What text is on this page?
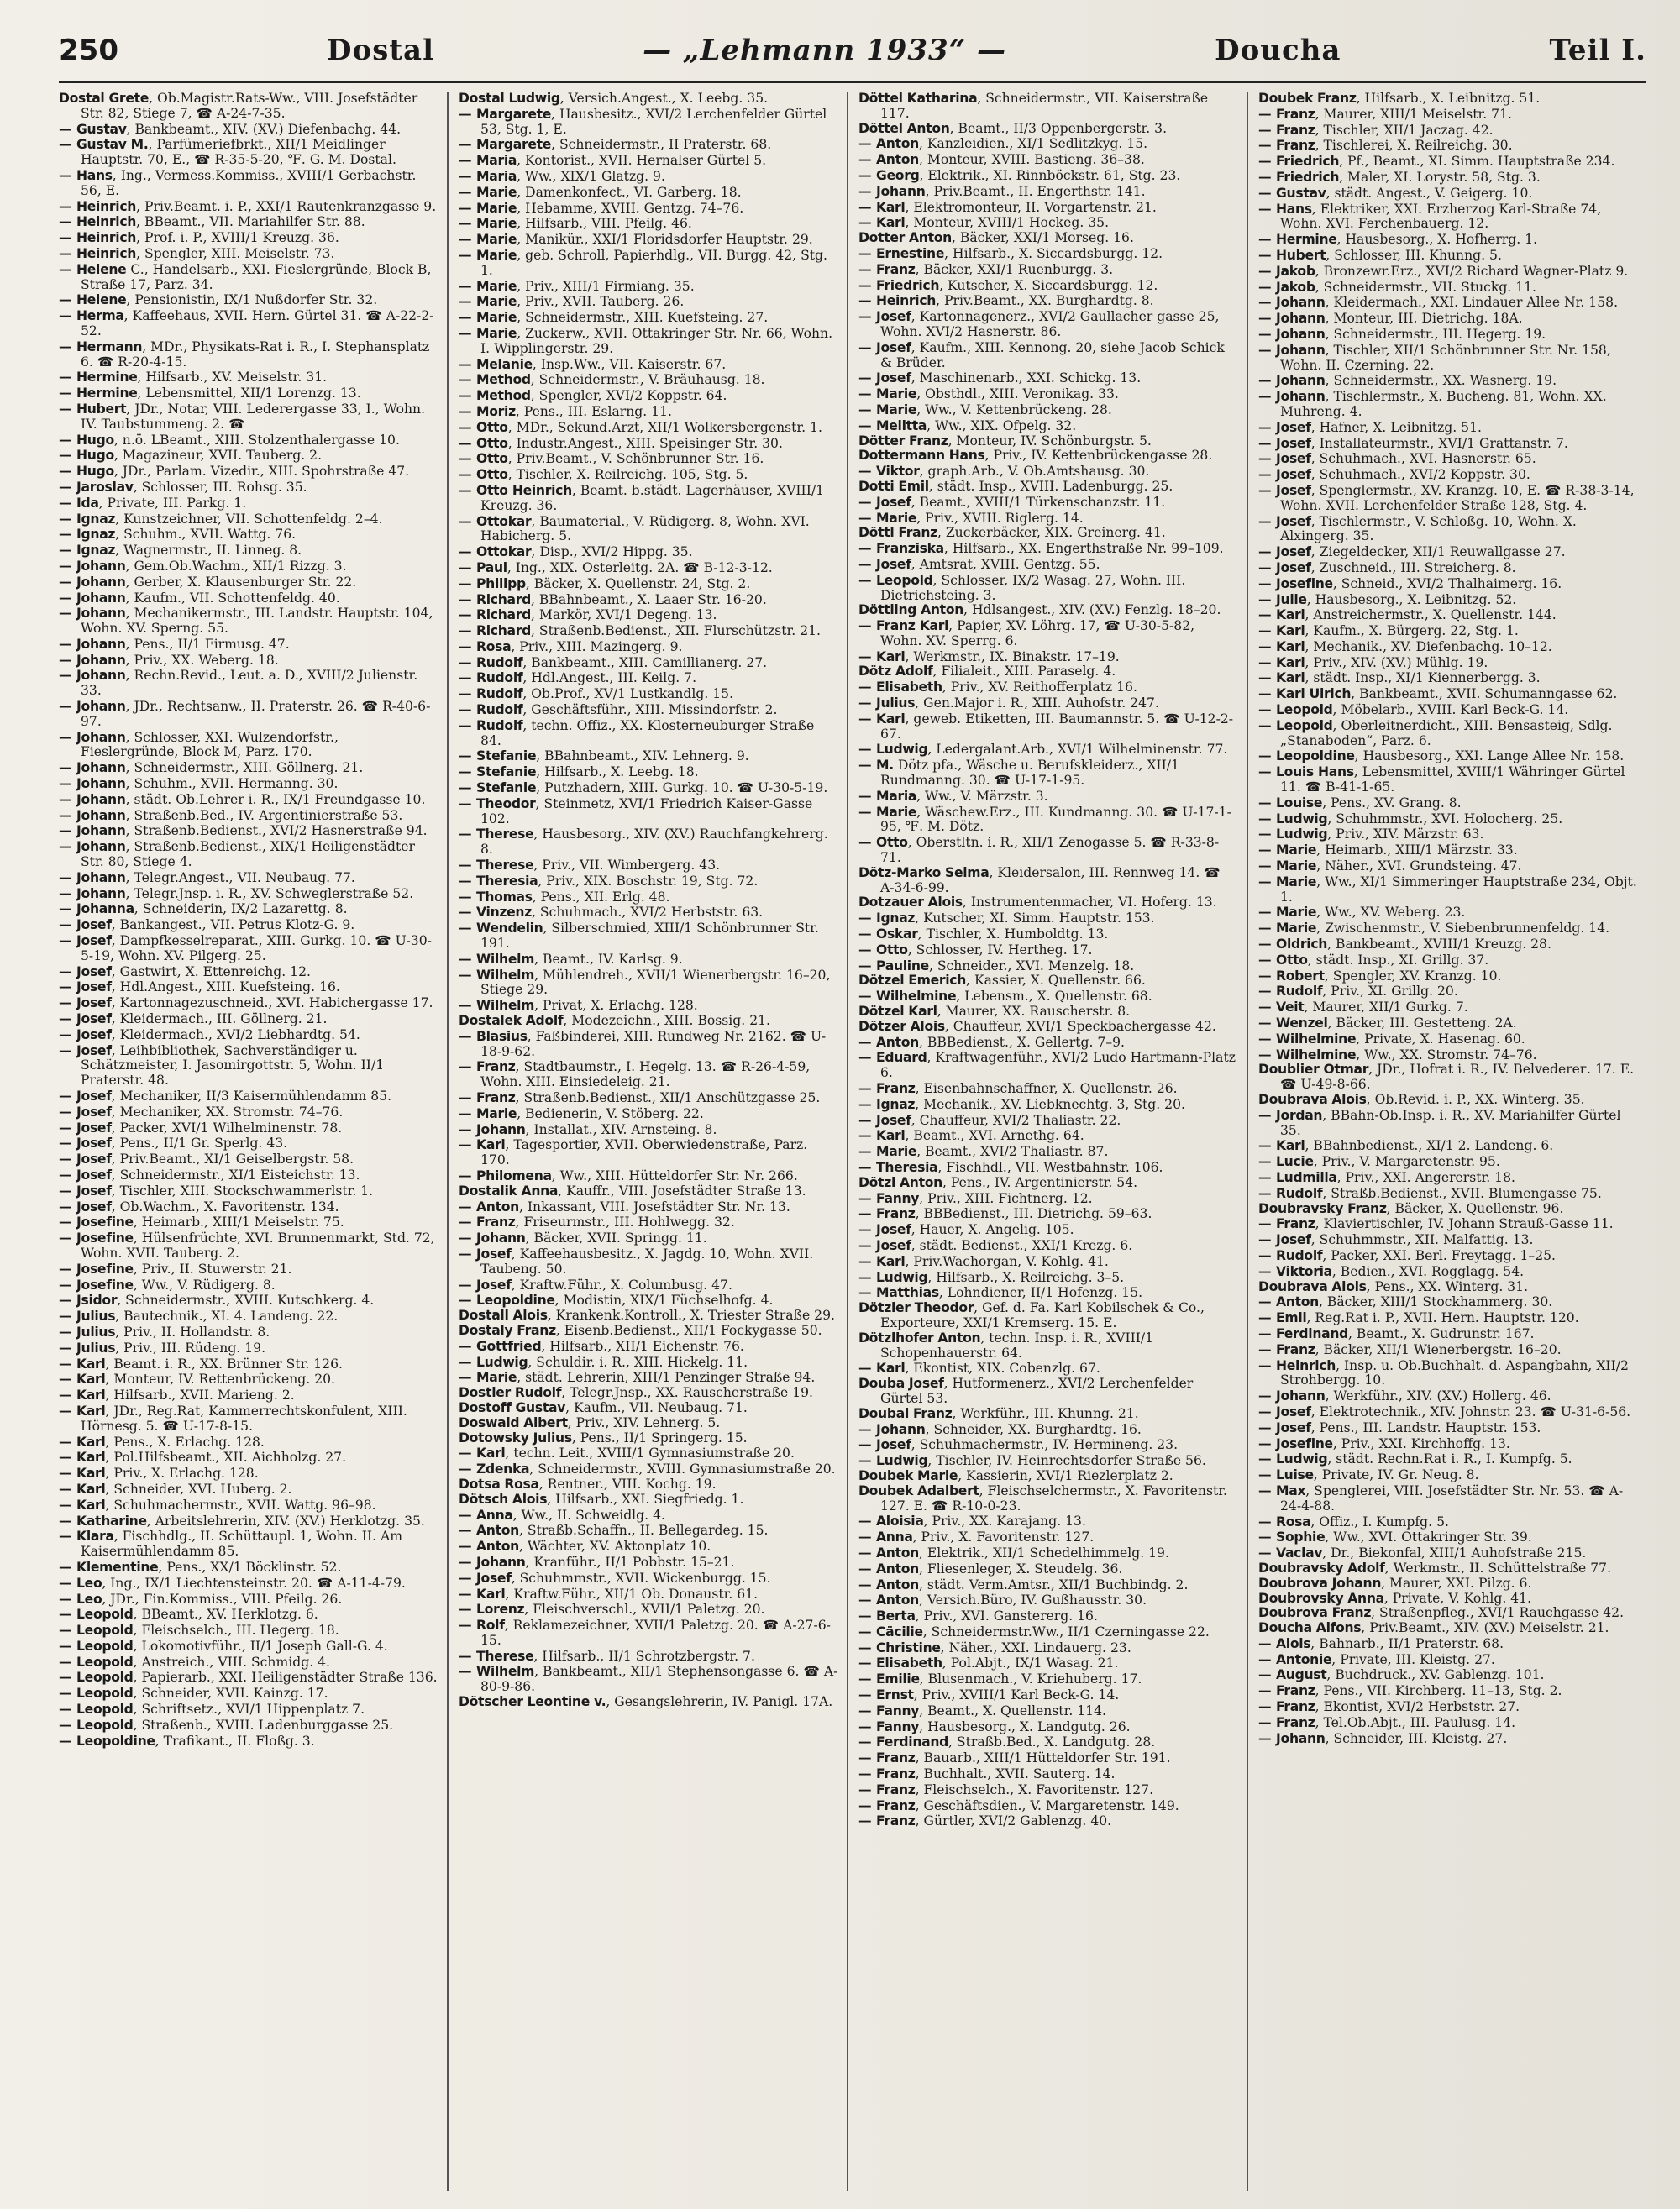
250	Dostal	— „Lehmann 1933“ —	Doucha	Teil I.
Dostal Grete, Ob.Magistr.Rats-Ww., VIII. Josefstädter Str. 82, Stiege 7, ☎ A-24-7-35.
— Gustav, Bankbeamt., XIV. (XV.) Diefenbachg. 44.
— Gustav M., Parfümeriefbrkt., XII/1 Meidlinger Hauptstr. 70, E., ☎ R-35-5-20, ℉. G. M. Dostal.
— Hans, Ing., Vermess.Kommiss., XVIII/1 Gerbachstr. 56, E.
— Heinrich, Priv.Beamt. i. P., XXI/1 Rautenkranzgasse 9.
— Heinrich, BBeamt., VII. Mariahilfer Str. 88.
— Heinrich, Prof. i. P., XVIII/1 Kreuzg. 36.
— Heinrich, Spengler, XIII. Meiselstr. 73.
— Helene C., Handelsarb., XXI. Fieslergründe, Block B, Straße 17, Parz. 34.
— Helene, Pensionistin, IX/1 Nußdorfer Str. 32.
— Herma, Kaffeehaus, XVII. Hern. Gürtel 31. ☎ A-22-2-52.
— Hermann, MDr., Physikats-Rat i. R., I. Stephansplatz 6. ☎ R-20-4-15.
— Hermine, Hilfsarb., XV. Meiselstr. 31.
— Hermine, Lebensmittel, XII/1 Lorenzg. 13.
— Hubert, JDr., Notar, VIII. Lederergasse 33, I., Wohn. IV. Taubstummeng. 2. ☎
— Hugo, n.ö. LBeamt., XIII. Stolzenthalergasse 10.
— Hugo, Magazineur, XVII. Tauberg. 2.
— Hugo, JDr., Parlam. Vizedir., XIII. Spohrstraße 47.
— Jaroslav, Schlosser, III. Rohsg. 35.
— Ida, Private, III. Parkg. 1.
— Ignaz, Kunstzeichner, VII. Schottenfeldg. 2–4.
— Ignaz, Schuhm., XVII. Wattg. 76.
— Ignaz, Wagnermstr., II. Linneg. 8.
— Johann, Gem.Ob.Wachm., XII/1 Rizzg. 3.
— Johann, Gerber, X. Klausenburger Str. 22.
— Johann, Kaufm., VII. Schottenfeldg. 40.
— Johann, Mechanikermstr., III. Landstr. Hauptstr. 104, Wohn. XV. Sperng. 55.
— Johann, Pens., II/1 Firmusg. 47.
— Johann, Priv., XX. Weberg. 18.
— Johann, Rechn.Revid., Leut. a. D., XVIII/2 Julienstr. 33.
— Johann, JDr., Rechtsanw., II. Praterstr. 26. ☎ R-40-6-97.
— Johann, Schlosser, XXI. Wulzendorfstr., Fieslergründe, Block M, Parz. 170.
— Johann, Schneidermstr., XIII. Göllnerg. 21.
— Johann, Schuhm., XVII. Hermanng. 30.
— Johann, städt. Ob.Lehrer i. R., IX/1 Freundgasse 10.
— Johann, Straßenb.Bed., IV. Argentinierstraße 53.
— Johann, Straßenb.Bedienst., XVI/2 Hasnerstraße 94.
— Johann, Straßenb.Bedienst., XIX/1 Heiligenstädter Str. 80, Stiege 4.
— Johann, Telegr.Angest., VII. Neubaug. 77.
— Johann, Telegr.Jnsp. i. R., XV. Schweglerstraße 52.
— Johanna, Schneiderin, IX/2 Lazarettg. 8.
— Josef, Bankangest., VII. Petrus Klotz-G. 9.
— Josef, Dampfkesselreparat., XIII. Gurkg. 10. ☎ U-30-5-19, Wohn. XV. Pilgerg. 25.
— Josef, Gastwirt, X. Ettenreichg. 12.
— Josef, Hdl.Angest., XIII. Kuefsteing. 16.
— Josef, Kartonnagezuschneid., XVI. Habichergasse 17.
— Josef, Kleidermach., III. Göllnerg. 21.
— Josef, Kleidermach., XVI/2 Liebhardtg. 54.
— Josef, Leihbibliothek, Sachverständiger u. Schätzmeister, I. Jasomirgottstr. 5, Wohn. II/1 Praterstr. 48.
— Josef, Mechaniker, II/3 Kaisermühlendamm 85.
— Josef, Mechaniker, XX. Stromstr. 74–76.
— Josef, Packer, XVI/1 Wilhelminenstr. 78.
— Josef, Pens., II/1 Gr. Sperlg. 43.
— Josef, Priv.Beamt., XI/1 Geiselbergstr. 58.
— Josef, Schneidermstr., XI/1 Eisteichstr. 13.
— Josef, Tischler, XIII. Stockschwammerlstr. 1.
— Josef, Ob.Wachm., X. Favoritenstr. 134.
— Josefine, Heimarb., XIII/1 Meiselstr. 75.
— Josefine, Hülsenfrüchte, XVI. Brunnenmarkt, Std. 72, Wohn. XVII. Tauberg. 2.
— Josefine, Priv., II. Stuwerstr. 21.
— Josefine, Ww., V. Rüdigerg. 8.
— Jsidor, Schneidermstr., XVIII. Kutschkerg. 4.
— Julius, Bautechnik., XI. 4. Landeng. 22.
— Julius, Priv., II. Hollandstr. 8.
— Julius, Priv., III. Rüdeng. 19.
— Karl, Beamt. i. R., XX. Brünner Str. 126.
— Karl, Monteur, IV. Rettenbrückeng. 20.
— Karl, Hilfsarb., XVII. Marieng. 2.
— Karl, JDr., Reg.Rat, Kammerrechtskonfulent, XIII. Hörnesg. 5. ☎ U-17-8-15.
— Karl, Pens., X. Erlachg. 128.
— Karl, Pol.Hilfsbeamt., XII. Aichholzg. 27.
— Karl, Priv., X. Erlachg. 128.
— Karl, Schneider, XVI. Huberg. 2.
— Karl, Schuhmachermstr., XVII. Wattg. 96–98.
— Katharine, Arbeitslehrerin, XIV. (XV.) Herklotzg. 35.
— Klara, Fischhdlg., II. Schüttaupl. 1, Wohn. II. Am Kaisermühlendamm 85.
— Klementine, Pens., XX/1 Böcklinstr. 52.
— Leo, Ing., IX/1 Liechtensteinstr. 20. ☎ A-11-4-79.
— Leo, JDr., Fin.Kommiss., VIII. Pfeilg. 26.
— Leopold, BBeamt., XV. Herklotzg. 6.
— Leopold, Fleischselch., III. Hegerg. 18.
— Leopold, Lokomotivführ., II/1 Joseph Gall-G. 4.
— Leopold, Anstreich., VIII. Schmidg. 4.
— Leopold, Papierarb., XXI. Heiligenstädter Straße 136.
— Leopold, Schneider, XVII. Kainzg. 17.
— Leopold, Schriftsetz., XVI/1 Hippenplatz 7.
— Leopold, Straßenb., XVIII. Ladenburggasse 25.
— Leopoldine, Trafikant., II. Floßg. 3.
Dostal Ludwig, Versich.Angest., X. Leebg. 35.
— Margarete, Hausbesitz., XVI/2 Lerchenfelder Gürtel 53, Stg. 1, E.
— Margarete, Schneidermstr., II Praterstr. 68.
— Maria, Kontorist., XVII. Hernalser Gürtel 5.
— Maria, Ww., XIX/1 Glatzg. 9.
— Marie, Damenkonfect., VI. Garberg. 18.
— Marie, Hebamme, XVIII. Gentzg. 74–76.
— Marie, Hilfsarb., VIII. Pfeilg. 46.
— Marie, Manikür., XXI/1 Floridsdorfer Hauptstr. 29.
— Marie, geb. Schroll, Papierhdlg., VII. Burgg. 42, Stg. 1.
— Marie, Priv., XIII/1 Firmiang. 35.
— Marie, Priv., XVII. Tauberg. 26.
— Marie, Schneidermstr., XIII. Kuefsteing. 27.
— Marie, Zuckerw., XVII. Ottakringer Str. Nr. 66, Wohn. I. Wipplingerstr. 29.
— Melanie, Insp.Ww., VII. Kaiserstr. 67.
— Method, Schneidermstr., V. Bräuhausg. 18.
— Method, Spengler, XVI/2 Koppstr. 64.
— Moriz, Pens., III. Eslarng. 11.
— Otto, MDr., Sekund.Arzt, XII/1 Wolkersbergenstr. 1.
— Otto, Industr.Angest., XIII. Speisinger Str. 30.
— Otto, Priv.Beamt., V. Schönbrunner Str. 16.
— Otto, Tischler, X. Reilreichg. 105, Stg. 5.
— Otto Heinrich, Beamt. b.städt. Lagerhäuser, XVIII/1 Kreuzg. 36.
— Ottokar, Baumaterial., V. Rüdigerg. 8, Wohn. XVI. Habicherg. 5.
— Ottokar, Disp., XVI/2 Hippg. 35.
— Paul, Ing., XIX. Osterleitg. 2A. ☎ B-12-3-12.
— Philipp, Bäcker, X. Quellenstr. 24, Stg. 2.
— Richard, BBahnbeamt., X. Laaer Str. 16-20.
— Richard, Markör, XVI/1 Degeng. 13.
— Richard, Straßenb.Bedienst., XII. Flurschützstr. 21.
— Rosa, Priv., XIII. Mazingerg. 9.
— Rudolf, Bankbeamt., XIII. Camillianerg. 27.
— Rudolf, Hdl.Angest., III. Keilg. 7.
— Rudolf, Ob.Prof., XV/1 Lustkandlg. 15.
— Rudolf, Geschäftsführ., XIII. Missindorfstr. 2.
— Rudolf, techn. Offiz., XX. Klosterneuburger Straße 84.
— Stefanie, BBahnbeamt., XIV. Lehnerg. 9.
— Stefanie, Hilfsarb., X. Leebg. 18.
— Stefanie, Putzhadern, XIII. Gurkg. 10. ☎ U-30-5-19.
— Theodor, Steinmetz, XVI/1 Friedrich Kaiser-Gasse 102.
— Therese, Hausbesorg., XIV. (XV.) Rauchfangkehrerg. 8.
— Therese, Priv., VII. Wimbergerg. 43.
— Theresia, Priv., XIX. Boschstr. 19, Stg. 72.
— Thomas, Pens., XII. Erlg. 48.
— Vinzenz, Schuhmach., XVI/2 Herbststr. 63.
— Wendelin, Silberschmied, XIII/1 Schönbrunner Str. 191.
— Wilhelm, Beamt., IV. Karlsg. 9.
— Wilhelm, Mühlendreh., XVII/1 Wienerbergstr. 16–20, Stiege 29.
— Wilhelm, Privat, X. Erlachg. 128.
Dostalek Adolf, Modezeichn., XIII. Bossig. 21.
— Blasius, Faßbinderei, XIII. Rundweg Nr. 2162. ☎ U-18-9-62.
— Franz, Stadtbaumstr., I. Hegelg. 13. ☎ R-26-4-59, Wohn. XIII. Einsiedeleig. 21.
— Franz, Straßenb.Bedienst., XII/1 Anschützgasse 25.
— Marie, Bedienerin, V. Stöberg. 22.
— Johann, Installat., XIV. Arnsteing. 8.
— Karl, Tagesportier, XVII. Oberwiedenstraße, Parz. 170.
— Philomena, Ww., XIII. Hütteldorfer Str. Nr. 266.
Dostalik Anna, Kauffr., VIII. Josefstädter Straße 13.
— Anton, Inkassant, VIII. Josefstädter Str. Nr. 13.
— Franz, Friseurmstr., III. Hohlwegg. 32.
— Johann, Bäcker, XVII. Springg. 11.
— Josef, Kaffeehausbesitz., X. Jagdg. 10, Wohn. XVII. Taubeng. 50.
— Josef, Kraftw.Führ., X. Columbusg. 47.
— Leopoldine, Modistin, XIX/1 Füchselhofg. 4.
Dostall Alois, Krankenk.Kontroll., X. Triester Straße 29.
Dostaly Franz, Eisenb.Bedienst., XII/1 Fockygasse 50.
— Gottfried, Hilfsarb., XII/1 Eichenstr. 76.
— Ludwig, Schuldir. i. R., XIII. Hickelg. 11.
— Marie, städt. Lehrerin, XIII/1 Penzinger Straße 94.
Dostler Rudolf, Telegr.Jnsp., XX. Rauscherstraße 19.
Dostoff Gustav, Kaufm., VII. Neubaug. 71.
Doswald Albert, Priv., XIV. Lehnerg. 5.
Dotowsky Julius, Pens., II/1 Springerg. 15.
— Karl, techn. Leit., XVIII/1 Gymnasiumstraße 20.
— Zdenka, Schneidermstr., XVIII. Gymnasiumstraße 20.
Dotsa Rosa, Rentner., VIII. Kochg. 19.
Dötsch Alois, Hilfsarb., XXI. Siegfriedg. 1.
— Anna, Ww., II. Schweidlg. 4.
— Anton, Straßb.Schaffn., II. Bellegardeg. 15.
— Anton, Wächter, XV. Aktonplatz 10.
— Johann, Kranführ., II/1 Pobbstr. 15–21.
— Josef, Schuhmmstr., XVII. Wickenburgg. 15.
— Karl, Kraftw.Führ., XII/1 Ob. Donaustr. 61.
— Lorenz, Fleischverschl., XVII/1 Paletzg. 20.
— Rolf, Reklamezeichner, XVII/1 Paletzg. 20. ☎ A-27-6-15.
— Therese, Hilfsarb., II/1 Schrotzbergstr. 7.
— Wilhelm, Bankbeamt., XII/1 Stephensongasse 6. ☎ A-80-9-86.
Dötscher Leontine v., Gesangslehrerin, IV. Panigl. 17A.
Döttel Katharina, Schneidermstr., VII. Kaiserstraße 117.
Döttel Anton, Beamt., II/3 Oppenbergerstr. 3.
— Anton, Kanzleidien., XI/1 Sedlitzkyg. 15.
— Anton, Monteur, XVIII. Bastieng. 36–38.
— Georg, Elektrik., XI. Rinnböckstr. 61, Stg. 23.
— Johann, Priv.Beamt., II. Engerthstr. 141.
— Karl, Elektromonteur, II. Vorgartenstr. 21.
— Karl, Monteur, XVIII/1 Hockeg. 35.
Dotter Anton, Bäcker, XXI/1 Morseg. 16.
— Ernestine, Hilfsarb., X. Siccardsburgg. 12.
— Franz, Bäcker, XXI/1 Ruenburgg. 3.
— Friedrich, Kutscher, X. Siccardsburgg. 12.
— Heinrich, Priv.Beamt., XX. Burghardtg. 8.
— Josef, Kartonnagenerz., XVI/2 Gaullacher gasse 25, Wohn. XVI/2 Hasnerstr. 86.
— Josef, Kaufm., XIII. Kennong. 20, siehe Jacob Schick & Brüder.
— Josef, Maschinenarb., XXI. Schickg. 13.
— Marie, Obsthdl., XIII. Veronikag. 33.
— Marie, Ww., V. Kettenbrückeng. 28.
— Melitta, Ww., XIX. Ofpelg. 32.
Dötter Franz, Monteur, IV. Schönburgstr. 5.
Dottermann Hans, Priv., IV. Kettenbrückengasse 28.
— Viktor, graph.Arb., V. Ob.Amtshausg. 30.
Dotti Emil, städt. Insp., XVIII. Ladenburgg. 25.
— Josef, Beamt., XVIII/1 Türkenschanzstr. 11.
— Marie, Priv., XVIII. Riglerg. 14.
Döttl Franz, Zuckerbäcker, XIX. Greinerg. 41.
— Franziska, Hilfsarb., XX. Engerthstraße Nr. 99–109.
— Josef, Amtsrat, XVIII. Gentzg. 55.
— Leopold, Schlosser, IX/2 Wasag. 27, Wohn. III. Dietrichsteing. 3.
Döttling Anton, Hdlsangest., XIV. (XV.) Fenzlg. 18–20.
— Franz Karl, Papier, XV. Löhrg. 17, ☎ U-30-5-82, Wohn. XV. Sperrg. 6.
— Karl, Werkmstr., IX. Binakstr. 17–19.
Dötz Adolf, Filialeit., XIII. Paraselg. 4.
— Elisabeth, Priv., XV. Reithofferplatz 16.
— Julius, Gen.Major i. R., XIII. Auhofstr. 247.
— Karl, geweb. Etiketten, III. Baumannstr. 5. ☎ U-12-2-67.
— Ludwig, Ledergalant.Arb., XVI/1 Wilhelminenstr. 77.
— M. Dötz pfa., Wäsche u. Berufskleiderz., XII/1 Rundmanng. 30. ☎ U-17-1-95.
— Maria, Ww., V. Märzstr. 3.
— Marie, Wäschew.Erz., III. Kundmanng. 30. ☎ U-17-1-95, ℉. M. Dötz.
— Otto, Oberstltn. i. R., XII/1 Zenogasse 5. ☎ R-33-8-71.
Dötz-Marko Selma, Kleidersalon, III. Rennweg 14. ☎ A-34-6-99.
Dotzauer Alois, Instrumentenmacher, VI. Hoferg. 13.
— Ignaz, Kutscher, XI. Simm. Hauptstr. 153.
— Oskar, Tischler, X. Humboldtg. 13.
— Otto, Schlosser, IV. Hertheg. 17.
— Pauline, Schneider., XVI. Menzelg. 18.
Dötzel Emerich, Kassier, X. Quellenstr. 66.
— Wilhelmine, Lebensm., X. Quellenstr. 68.
Dötzel Karl, Maurer, XX. Rauscherstr. 8.
Dötzer Alois, Chauffeur, XVI/1 Speckbachergasse 42.
— Anton, BBBedienst., X. Gellertg. 7–9.
— Eduard, Kraftwagenführ., XVI/2 Ludo Hartmann-Platz 6.
— Franz, Eisenbahnschaffner, X. Quellenstr. 26.
— Ignaz, Mechanik., XV. Liebknechtg. 3, Stg. 20.
— Josef, Chauffeur, XVI/2 Thaliastr. 22.
— Karl, Beamt., XVI. Arnethg. 64.
— Marie, Beamt., XVI/2 Thaliastr. 87.
— Theresia, Fischhdl., VII. Westbahnstr. 106.
Dötzl Anton, Pens., IV. Argentinierstr. 54.
— Fanny, Priv., XIII. Fichtnerg. 12.
— Franz, BBBedienst., III. Dietrichg. 59–63.
— Josef, Hauer, X. Angelig. 105.
— Josef, städt. Bedienst., XXI/1 Krezg. 6.
— Karl, Priv.Wachorgan, V. Kohlg. 41.
— Ludwig, Hilfsarb., X. Reilreichg. 3–5.
— Matthias, Lohndiener, II/1 Hofenzg. 15.
Dötzler Theodor, Gef. d. Fa. Karl Kobilschek & Co., Exporteure, XXI/1 Kremserg. 15. E.
Dötzlhofer Anton, techn. Insp. i. R., XVIII/1 Schopenhauerstr. 64.
— Karl, Ekontist, XIX. Cobenzlg. 67.
Douba Josef, Hutformenerz., XVI/2 Lerchenfelder Gürtel 53.
Doubal Franz, Werkführ., III. Khunng. 21.
— Johann, Schneider, XX. Burghardtg. 16.
— Josef, Schuhmachermstr., IV. Hermineng. 23.
— Ludwig, Tischler, IV. Heinrechtsdorfer Straße 56.
Doubek Marie, Kassierin, XVI/1 Riezlerplatz 2.
Doubek Adalbert, Fleischselchermstr., X. Favoritenstr. 127. E. ☎ R-10-0-23.
— Aloisia, Priv., XX. Karajang. 13.
— Anna, Priv., X. Favoritenstr. 127.
— Anton, Elektrik., XII/1 Schedelhimmelg. 19.
— Anton, Fliesenleger, X. Steudelg. 36.
— Anton, städt. Verm.Amtsr., XII/1 Buchbindg. 2.
— Anton, Versich.Büro, IV. Gußhausstr. 30.
— Berta, Priv., XVI. Ganstererg. 16.
— Cäcilie, Schneidermstr.Ww., II/1 Czerningasse 22.
— Christine, Näher., XXI. Lindauerg. 23.
— Elisabeth, Pol.Abjt., IX/1 Wasag. 21.
— Emilie, Blusenmach., V. Kriehuberg. 17.
— Ernst, Priv., XVIII/1 Karl Beck-G. 14.
— Fanny, Beamt., X. Quellenstr. 114.
— Fanny, Hausbesorg., X. Landgutg. 26.
— Ferdinand, Straßb.Bed., X. Landgutg. 28.
— Franz, Bauarb., XIII/1 Hütteldorfer Str. 191.
— Franz, Buchhalt., XVII. Sauterg. 14.
— Franz, Fleischselch., X. Favoritenstr. 127.
— Franz, Geschäftsdien., V. Margaretenstr. 149.
— Franz, Gürtler, XVI/2 Gablenzg. 40.
Doubek Franz, Hilfsarb., X. Leibnitzg. 51.
— Franz, Maurer, XIII/1 Meiselstr. 71.
— Franz, Tischler, XII/1 Jaczag. 42.
— Franz, Tischlerei, X. Reilreichg. 30.
— Friedrich, Pf., Beamt., XI. Simm. Hauptstraße 234.
— Friedrich, Maler, XI. Lorystr. 58, Stg. 3.
— Gustav, städt. Angest., V. Geigerg. 10.
— Hans, Elektriker, XXI. Erzherzog Karl-Straße 74, Wohn. XVI. Ferchenbauerg. 12.
— Hermine, Hausbesorg., X. Hofherrg. 1.
— Hubert, Schlosser, III. Khunng. 5.
— Jakob, Bronzewr.Erz., XVI/2 Richard Wagner-Platz 9.
— Jakob, Schneidermstr., VII. Stuckg. 11.
— Johann, Kleidermach., XXI. Lindauer Allee Nr. 158.
— Johann, Monteur, III. Dietrichg. 18A.
— Johann, Schneidermstr., III. Hegerg. 19.
— Johann, Tischler, XII/1 Schönbrunner Str. Nr. 158, Wohn. II. Czerning. 22.
— Johann, Schneidermstr., XX. Wasnerg. 19.
— Johann, Tischlermstr., X. Bucheng. 81, Wohn. XX. Muhreng. 4.
— Josef, Hafner, X. Leibnitzg. 51.
— Josef, Installateurmstr., XVI/1 Grattanstr. 7.
— Josef, Schuhmach., XVI. Hasnerstr. 65.
— Josef, Schuhmach., XVI/2 Koppstr. 30.
— Josef, Spenglermstr., XV. Kranzg. 10, E. ☎ R-38-3-14, Wohn. XVII. Lerchenfelder Straße 128, Stg. 4.
— Josef, Tischlermstr., V. Schloßg. 10, Wohn. X. Alxingerg. 35.
— Josef, Ziegeldecker, XII/1 Reuwallgasse 27.
— Josef, Zuschneid., III. Streicherg. 8.
— Josefine, Schneid., XVI/2 Thalhaimerg. 16.
— Julie, Hausbesorg., X. Leibnitzg. 52.
— Karl, Anstreichermstr., X. Quellenstr. 144.
— Karl, Kaufm., X. Bürgerg. 22, Stg. 1.
— Karl, Mechanik., XV. Diefenbachg. 10–12.
— Karl, Priv., XIV. (XV.) Mühlg. 19.
— Karl, städt. Insp., XI/1 Kiennerbergg. 3.
— Karl Ulrich, Bankbeamt., XVII. Schumanngasse 62.
— Leopold, Möbelarb., XVIII. Karl Beck-G. 14.
— Leopold, Oberleitnerdicht., XIII. Bensasteig, Sdlg. „Stanaboden“, Parz. 6.
— Leopoldine, Hausbesorg., XXI. Lange Allee Nr. 158.
— Louis Hans, Lebensmittel, XVIII/1 Währinger Gürtel 11. ☎ B-41-1-65.
— Louise, Pens., XV. Grang. 8.
— Ludwig, Schuhmmstr., XVI. Holocherg. 25.
— Ludwig, Priv., XIV. Märzstr. 63.
— Marie, Heimarb., XIII/1 Märzstr. 33.
— Marie, Näher., XVI. Grundsteing. 47.
— Marie, Ww., XI/1 Simmeringer Hauptstraße 234, Objt. 1.
— Marie, Ww., XV. Weberg. 23.
— Marie, Zwischenmstr., V. Siebenbrunnenfeldg. 14.
— Oldrich, Bankbeamt., XVIII/1 Kreuzg. 28.
— Otto, städt. Insp., XI. Grillg. 37.
— Robert, Spengler, XV. Kranzg. 10.
— Rudolf, Priv., XI. Grillg. 20.
— Veit, Maurer, XII/1 Gurkg. 7.
— Wenzel, Bäcker, III. Gestetteng. 2A.
— Wilhelmine, Private, X. Hasenag. 60.
— Wilhelmine, Ww., XX. Stromstr. 74–76.
Doublier Otmar, JDr., Hofrat i. R., IV. Belvederег. 17. E. ☎ U-49-8-66.
Doubrava Alois, Ob.Revid. i. P., XX. Winterg. 35.
— Jordan, BBahn-Ob.Insp. i. R., XV. Mariahilfer Gürtel 35.
— Karl, BBahnbedienst., XI/1 2. Landeng. 6.
— Lucie, Priv., V. Margaretenstr. 95.
— Ludmilla, Priv., XXI. Angererstr. 18.
— Rudolf, Straßb.Bedienst., XVII. Blumengasse 75.
Doubravsky Franz, Bäcker, X. Quellenstr. 96.
— Franz, Klaviertischler, IV. Johann Strauß-Gasse 11.
— Josef, Schuhmmstr., XII. Malfattig. 13.
— Rudolf, Packer, XXI. Berl. Freytagg. 1–25.
— Viktoria, Bedien., XVI. Rogglagg. 54.
Doubrava Alois, Pens., XX. Winterg. 31.
— Anton, Bäcker, XIII/1 Stockhammerg. 30.
— Emil, Reg.Rat i. P., XVII. Hern. Hauptstr. 120.
— Ferdinand, Beamt., X. Gudrunstr. 167.
— Franz, Bäcker, XII/1 Wienerbergstr. 16–20.
— Heinrich, Insp. u. Ob.Buchhalt. d. Aspangbahn, XII/2 Strohbergg. 10.
— Johann, Werkführ., XIV. (XV.) Hollerg. 46.
— Josef, Elektrotechnik., XIV. Johnstr. 23. ☎ U-31-6-56.
— Josef, Pens., III. Landstr. Hauptstr. 153.
— Josefine, Priv., XXI. Kirchhoffg. 13.
— Ludwig, städt. Rechn.Rat i. R., I. Kumpfg. 5.
— Luise, Private, IV. Gr. Neug. 8.
— Max, Spenglerei, VIII. Josefstädter Str. Nr. 53. ☎ A-24-4-88.
— Rosa, Offiz., I. Kumpfg. 5.
— Sophie, Ww., XVI. Ottakringer Str. 39.
— Vaclav, Dr., Biekonfal, XIII/1 Auhofstraße 215.
Doubravsky Adolf, Werkmstr., II. Schüttelstraße 77.
Doubrova Johann, Maurer, XXI. Pilzg. 6.
Doubrovsky Anna, Private, V. Kohlg. 41.
Doubrova Franz, Straßenpfleg., XVI/1 Rauchgasse 42.
Doucha Alfons, Priv.Beamt., XIV. (XV.) Meiselstr. 21.
— Alois, Bahnarb., II/1 Praterstr. 68.
— Antonie, Private, III. Kleistg. 27.
— August, Buchdruck., XV. Gablenzg. 101.
— Franz, Pens., VII. Kirchberg. 11–13, Stg. 2.
— Franz, Ekontist, XVI/2 Herbststr. 27.
— Franz, Tel.Ob.Abjt., III. Paulusg. 14.
— Johann, Schneider, III. Kleistg. 27.
